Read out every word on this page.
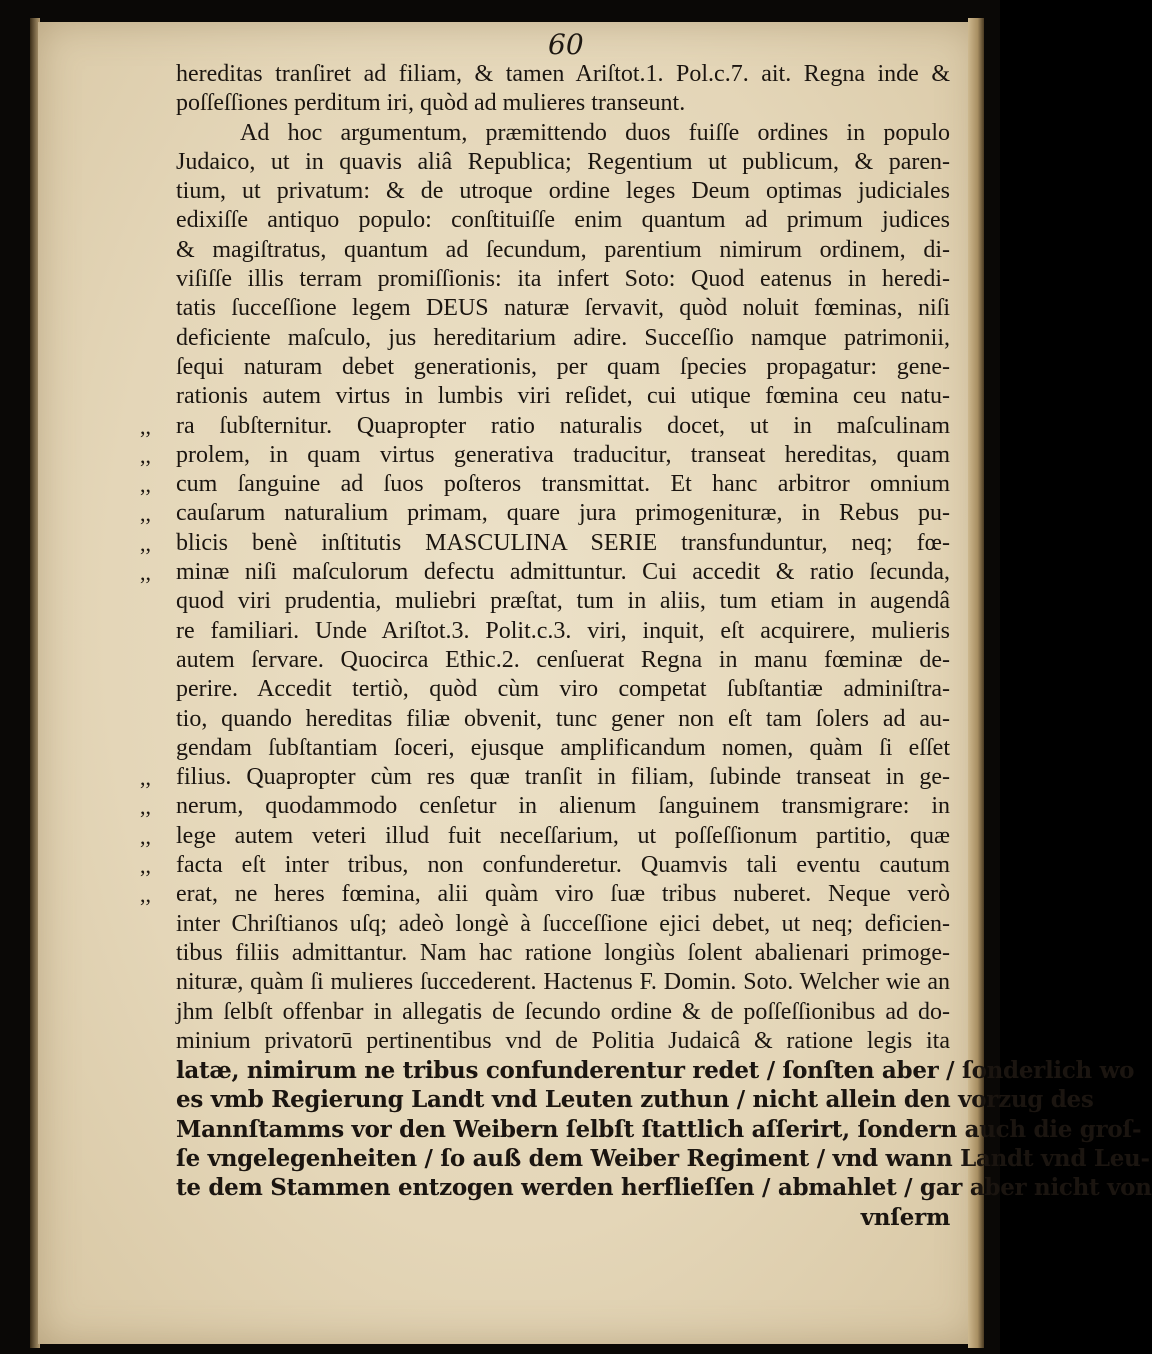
60
hereditas tranſiret ad filiam, & tamen Ariſtot.1. Pol.c.7. ait. Regna inde &
poſſeſſiones perditum iri, quòd ad mulieres transeunt.
Ad hoc argumentum, præmittendo duos fuiſſe ordines in populo
Judaico, ut in quavis aliâ Republica; Regentium ut publicum, & paren-
tium, ut privatum: & de utroque ordine leges Deum optimas judiciales
edixiſſe antiquo populo: conſtituiſſe enim quantum ad primum judices
& magiſtratus, quantum ad ſecundum, parentium nimirum ordinem, di-
viſiſſe illis terram promiſſionis: ita infert Soto: Quod eatenus in heredi-
tatis ſucceſſione legem DEUS naturæ ſervavit, quòd noluit fœminas, niſi
deficiente maſculo, jus hereditarium adire. Succeſſio namque patrimonii,
ſequi naturam debet generationis, per quam ſpecies propagatur: gene-
rationis autem virtus in lumbis viri reſidet, cui utique fœmina ceu natu-
,,	ra ſubſternitur. Quapropter ratio naturalis docet, ut in maſculinam
,,	prolem, in quam virtus generativa traducitur, transeat hereditas, quam
,,	cum ſanguine ad ſuos poſteros transmittat. Et hanc arbitror omnium
,,	cauſarum naturalium primam, quare jura primogenituræ, in Rebus pu-
,,	blicis benè inſtitutis MASCULINA SERIE transfunduntur, neq; fœ-
,,	minæ niſi maſculorum defectu admittuntur. Cui accedit & ratio ſecunda,
quod viri prudentia, muliebri præſtat, tum in aliis, tum etiam in augendâ
re familiari. Unde Ariſtot.3. Polit.c.3. viri, inquit, eſt acquirere, mulieris
autem ſervare. Quocirca Ethic.2. cenſuerat Regna in manu fœminæ de-
perire. Accedit tertiò, quòd cùm viro competat ſubſtantiæ adminiſtra-
tio, quando hereditas filiæ obvenit, tunc gener non eſt tam ſolers ad au-
gendam ſubſtantiam ſoceri, ejusque amplificandum nomen, quàm ſi eſſet
,,	filius. Quapropter cùm res quæ tranſit in filiam, ſubinde transeat in ge-
,,	nerum, quodammodo cenſetur in alienum ſanguinem transmigrare: in
,,	lege autem veteri illud fuit neceſſarium, ut poſſeſſionum partitio, quæ
,,	facta eſt inter tribus, non confunderetur. Quamvis tali eventu cautum
,,	erat, ne heres fœmina, alii quàm viro ſuæ tribus nuberet. Neque verò
inter Chriſtianos uſq; adeò longè à ſucceſſione ejici debet, ut neq; deficien-
tibus filiis admittantur. Nam hac ratione longiùs ſolent abalienari primoge-
nituræ, quàm ſi mulieres ſuccederent. Hactenus F. Domin. Soto. Welcher wie an
jhm ſelbſt offenbar in allegatis de ſecundo ordine & de poſſeſſionibus ad do-
minium privatorū pertinentibus vnd de Politia Judaicâ & ratione legis ita
latæ, nimirum ne tribus confunderentur redet / ſonſten aber / ſonderlich wo
es vmb Regierung Landt vnd Leuten zuthun / nicht allein den vorzug des
Mannſtamms vor den Weibern ſelbſt ſtattlich aſſerirt, ſondern auch die groſ-
ſe vngelegenheiten / ſo auß dem Weiber Regiment / vnd wann Landt vnd Leu-
te dem Stammen entzogen werden herflieſſen / abmahlet / gar aber nicht von
vnſerm
